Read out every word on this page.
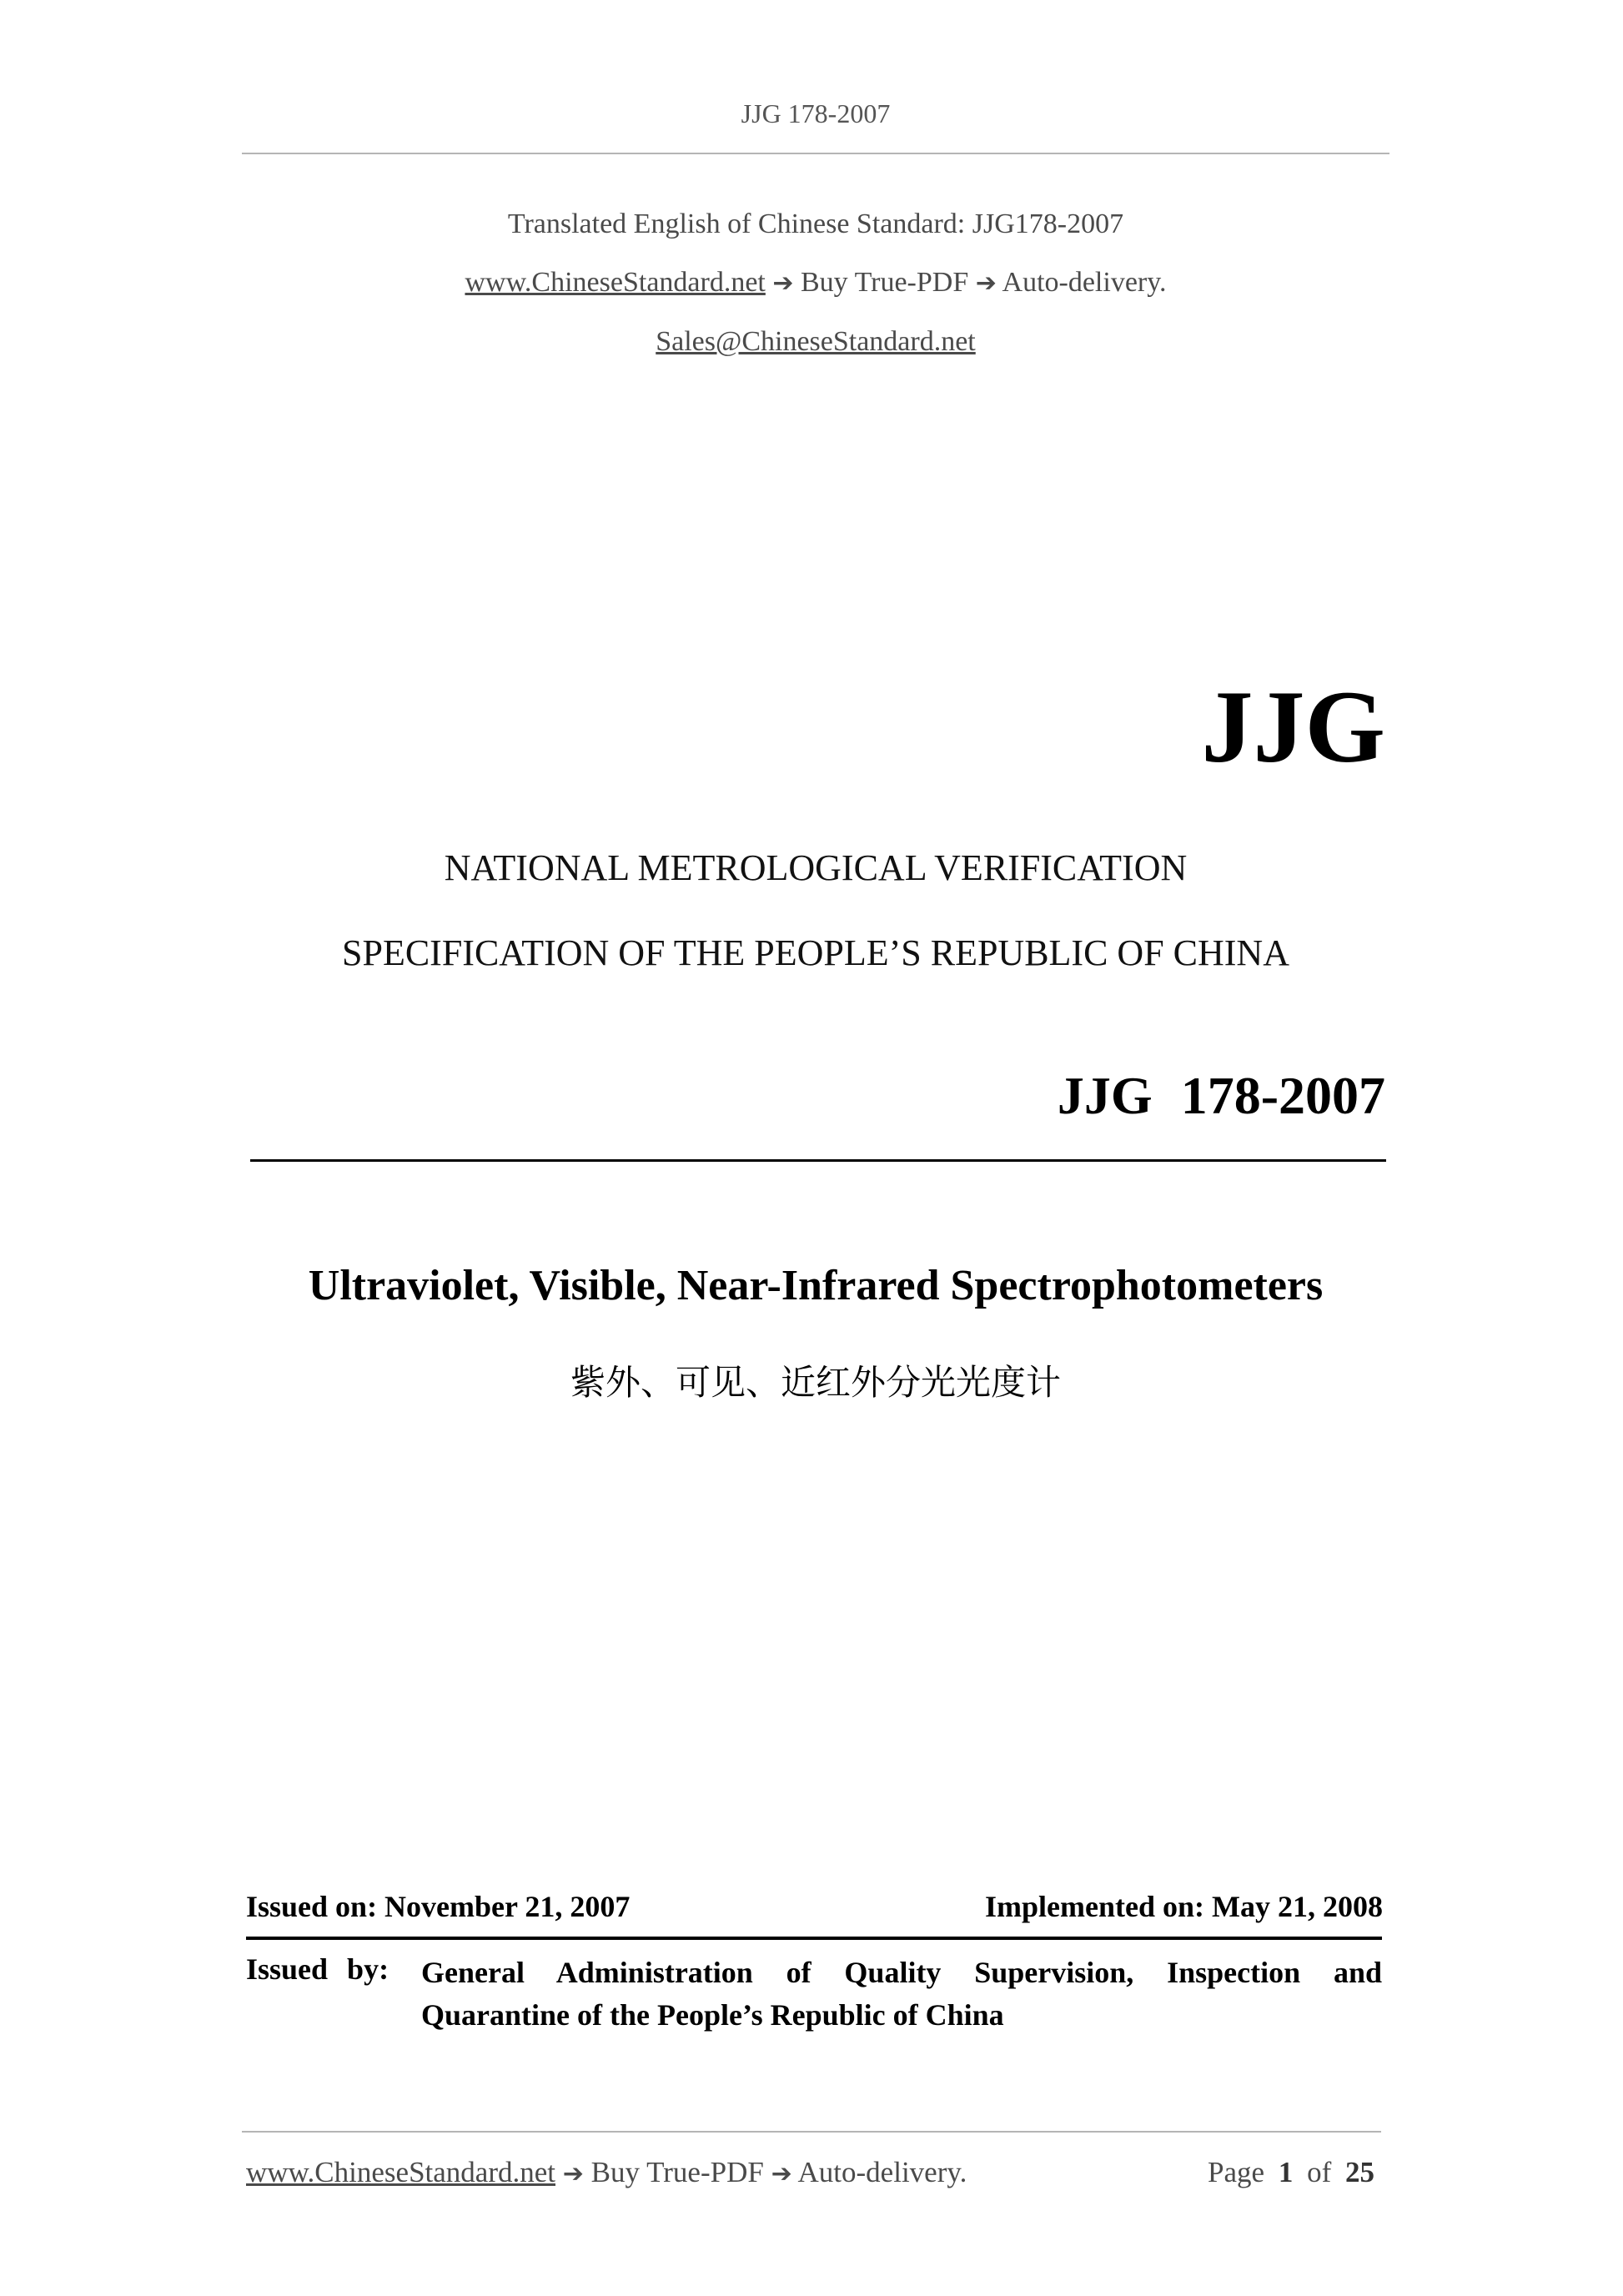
JJG 178-2007
Translated English of Chinese Standard: JJG178-2007
www.ChineseStandard.net ➔ Buy True-PDF ➔ Auto-delivery.
Sales@ChineseStandard.net
JJG
NATIONAL METROLOGICAL VERIFICATION
SPECIFICATION OF THE PEOPLE’S REPUBLIC OF CHINA
JJG 178-2007
Ultraviolet, Visible, Near-Infrared Spectrophotometers
紫外、可见、近红外分光光度计
Issued on: November 21, 2007	Implemented on: May 21, 2008
Issued by: General Administration of Quality Supervision, Inspection and Quarantine of the People’s Republic of China
www.ChineseStandard.net ➔ Buy True-PDF ➔ Auto-delivery.	Page 1 of 25
